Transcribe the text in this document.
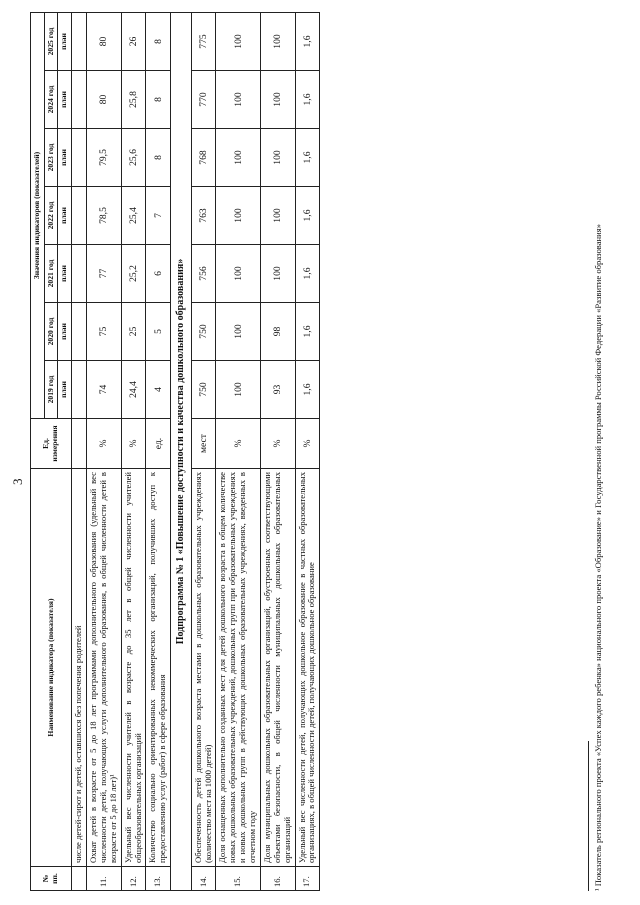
3
№ пп.	Наименование индикатора (показателя)	Ед. измерения	Значения индикаторов (показателей)						
			2019 год	2020 год	2021 год	2022 год	2023 год	2024 год	2025 год
			план	план	план	план	план	план	план
	числе детей-сирот и детей, оставшихся без попечения родителей								
11.	Охват детей в возрасте от 5 до 18 лет программами дополнительного образования (удельный вес численности детей, получающих услуги дополнительного образования, в общей численности детей в возрасте от 5 до 18 лет)¹	%	74	75	77	78,5	79,5	80	80
12.	Удельный вес численности учителей в возрасте до 35 лет в общей численности учителей общеобразовательных организаций	%	24,4	25	25,2	25,4	25,6	25,8	26
13.	Количество социально ориентированных некоммерческих организаций, получивших доступ к предоставлению услуг (работ) в сфере образования	ед.	4	5	6	7	8	8	8
Подпрограмма № 1 «Повышение доступности и качества дошкольного образования»									
14.	Обеспеченность детей дошкольного возраста местами в дошкольных образовательных учреждениях (количество мест на 1000 детей)	мест	750	750	756	763	768	770	775
15.	Доля оснащенных дополнительно созданных мест для детей дошкольного возраста в общем количестве новых дошкольных образовательных учреждений, дошкольных групп при образовательных учреждениях и новых дошкольных групп в действующих дошкольных образовательных учреждениях, введенных в отчетном году	%	100	100	100	100	100	100	100
16.	Доля муниципальных дошкольных образовательных организаций, обустроенных соответствующими объектами безопасности, в общей численности муниципальных дошкольных образовательных организаций	%	93	98	100	100	100	100	100
17.	Удельный вес численности детей, получающих дошкольное образование в частных образовательных организациях, в общей численности детей, получающих дошкольное образование	%	1,6	1,6	1,6	1,6	1,6	1,6	1,6
¹ Показатель регионального проекта «Успех каждого ребенка» национального проекта «Образование» и Государственной программы Российской Федерации «Развитие образования»
